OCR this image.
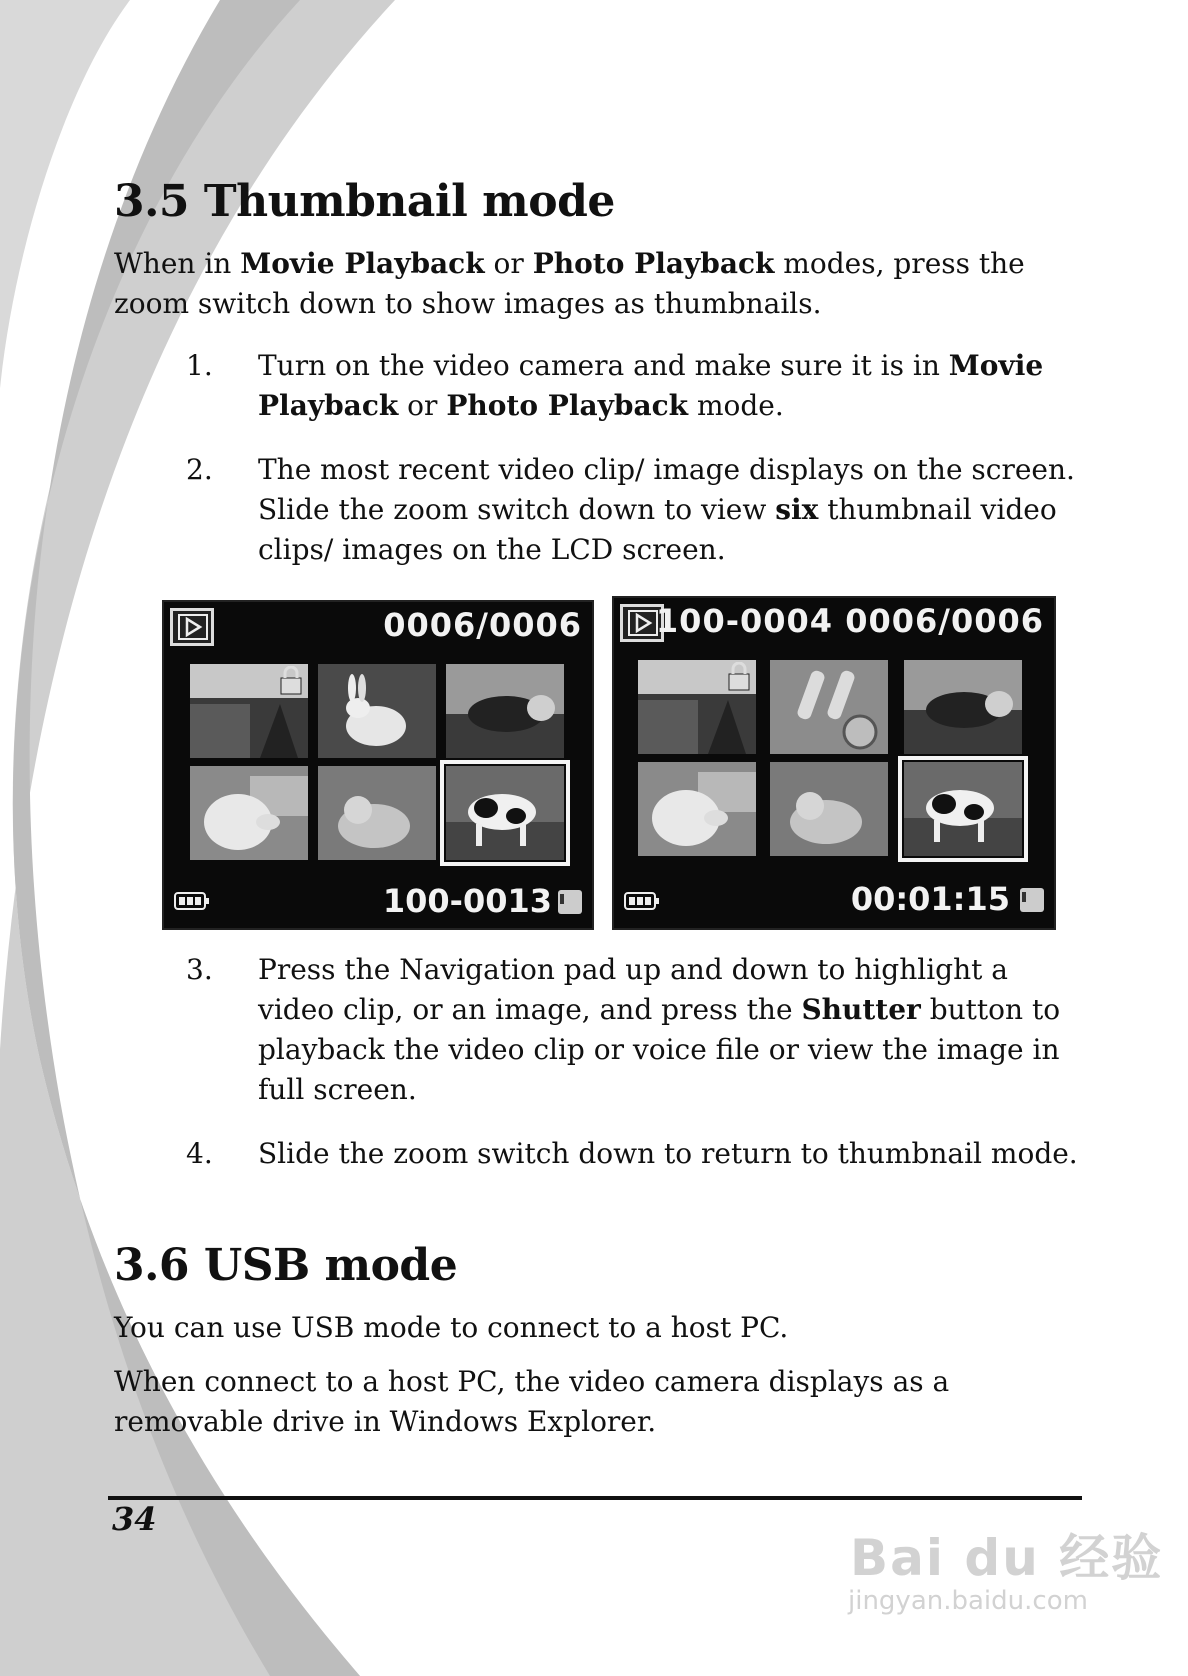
3.5 Thumbnail mode

When in Movie Playback or Photo Playback modes, press the zoom switch down to show images as thumbnails.

1. Turn on the video camera and make sure it is in Movie Playback or Photo Playback mode.
2. The most recent video clip/ image displays on the screen. Slide the zoom switch down to view six thumbnail video clips/ images on the LCD screen.
0006/0006
100-0013
100-0004 0006/0006
00:01:15
3. Press the Navigation pad up and down to highlight a video clip, or an image, and press the Shutter button to playback the video clip or voice file or view the image in full screen.
4. Slide the zoom switch down to return to thumbnail mode.
3.6 USB mode

You can use USB mode to connect to a host PC.

When connect to a host PC, the video camera displays as a removable drive in Windows Explorer.

34
Bai du 经验
jingyan.baidu.com
